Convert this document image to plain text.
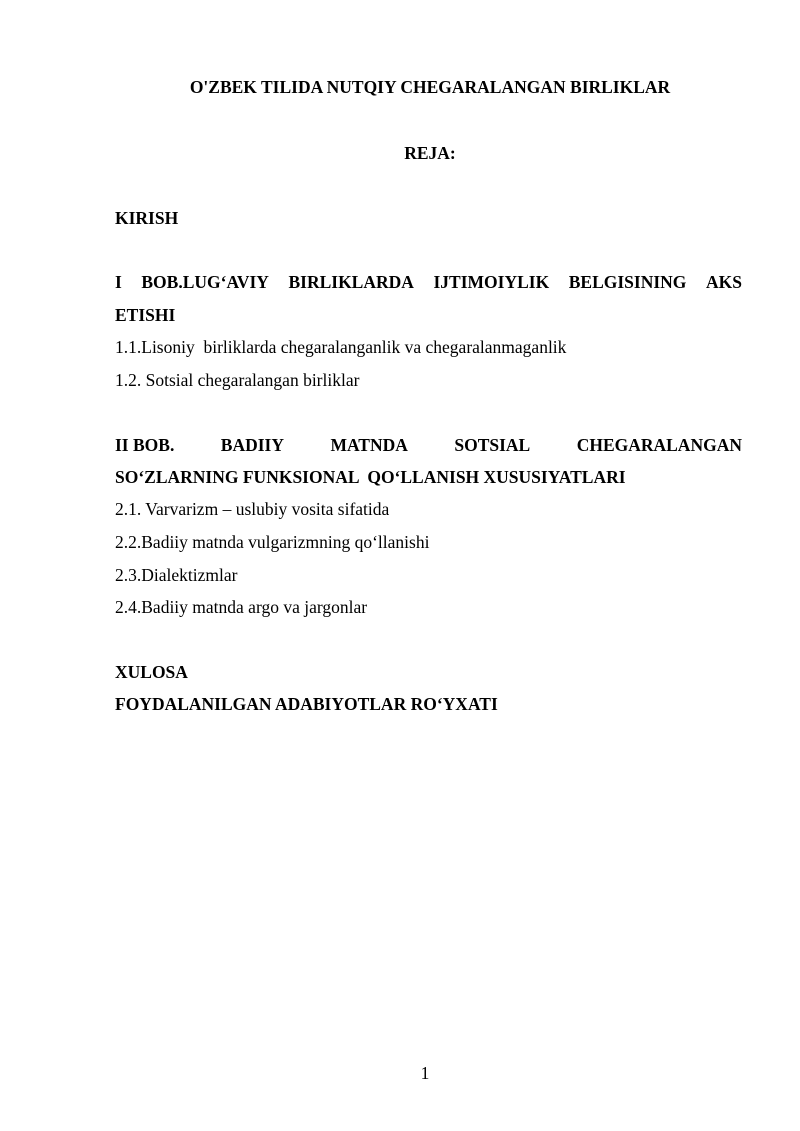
O'ZBEK TILIDA NUTQIY CHEGARALANGAN BIRLIKLAR
REJA:
KIRISH
I BOB.LUG‘AVIY BIRLIKLARDA IJTIMOIYLIK BELGISINING AKS
ETISHI
1.1.Lisoniy  birliklarda chegaralanganlik va chegaralanmaganlik
1.2. Sotsial chegaralangan birliklar
II BOB.	BADIIY	MATNDA	SOTSIAL	CHEGARALANGAN
SO‘ZLARNING FUNKSIONAL  QO‘LLANISH XUSUSIYATLARI
2.1. Varvarizm – uslubiy vosita sifatida
2.2.Badiiy matnda vulgarizmning qo‘llanishi
2.3.Dialektizmlar
2.4.Badiiy matnda argo va jargonlar
XULOSA
FOYDALANILGAN ADABIYOTLAR RO‘YXATI
1
